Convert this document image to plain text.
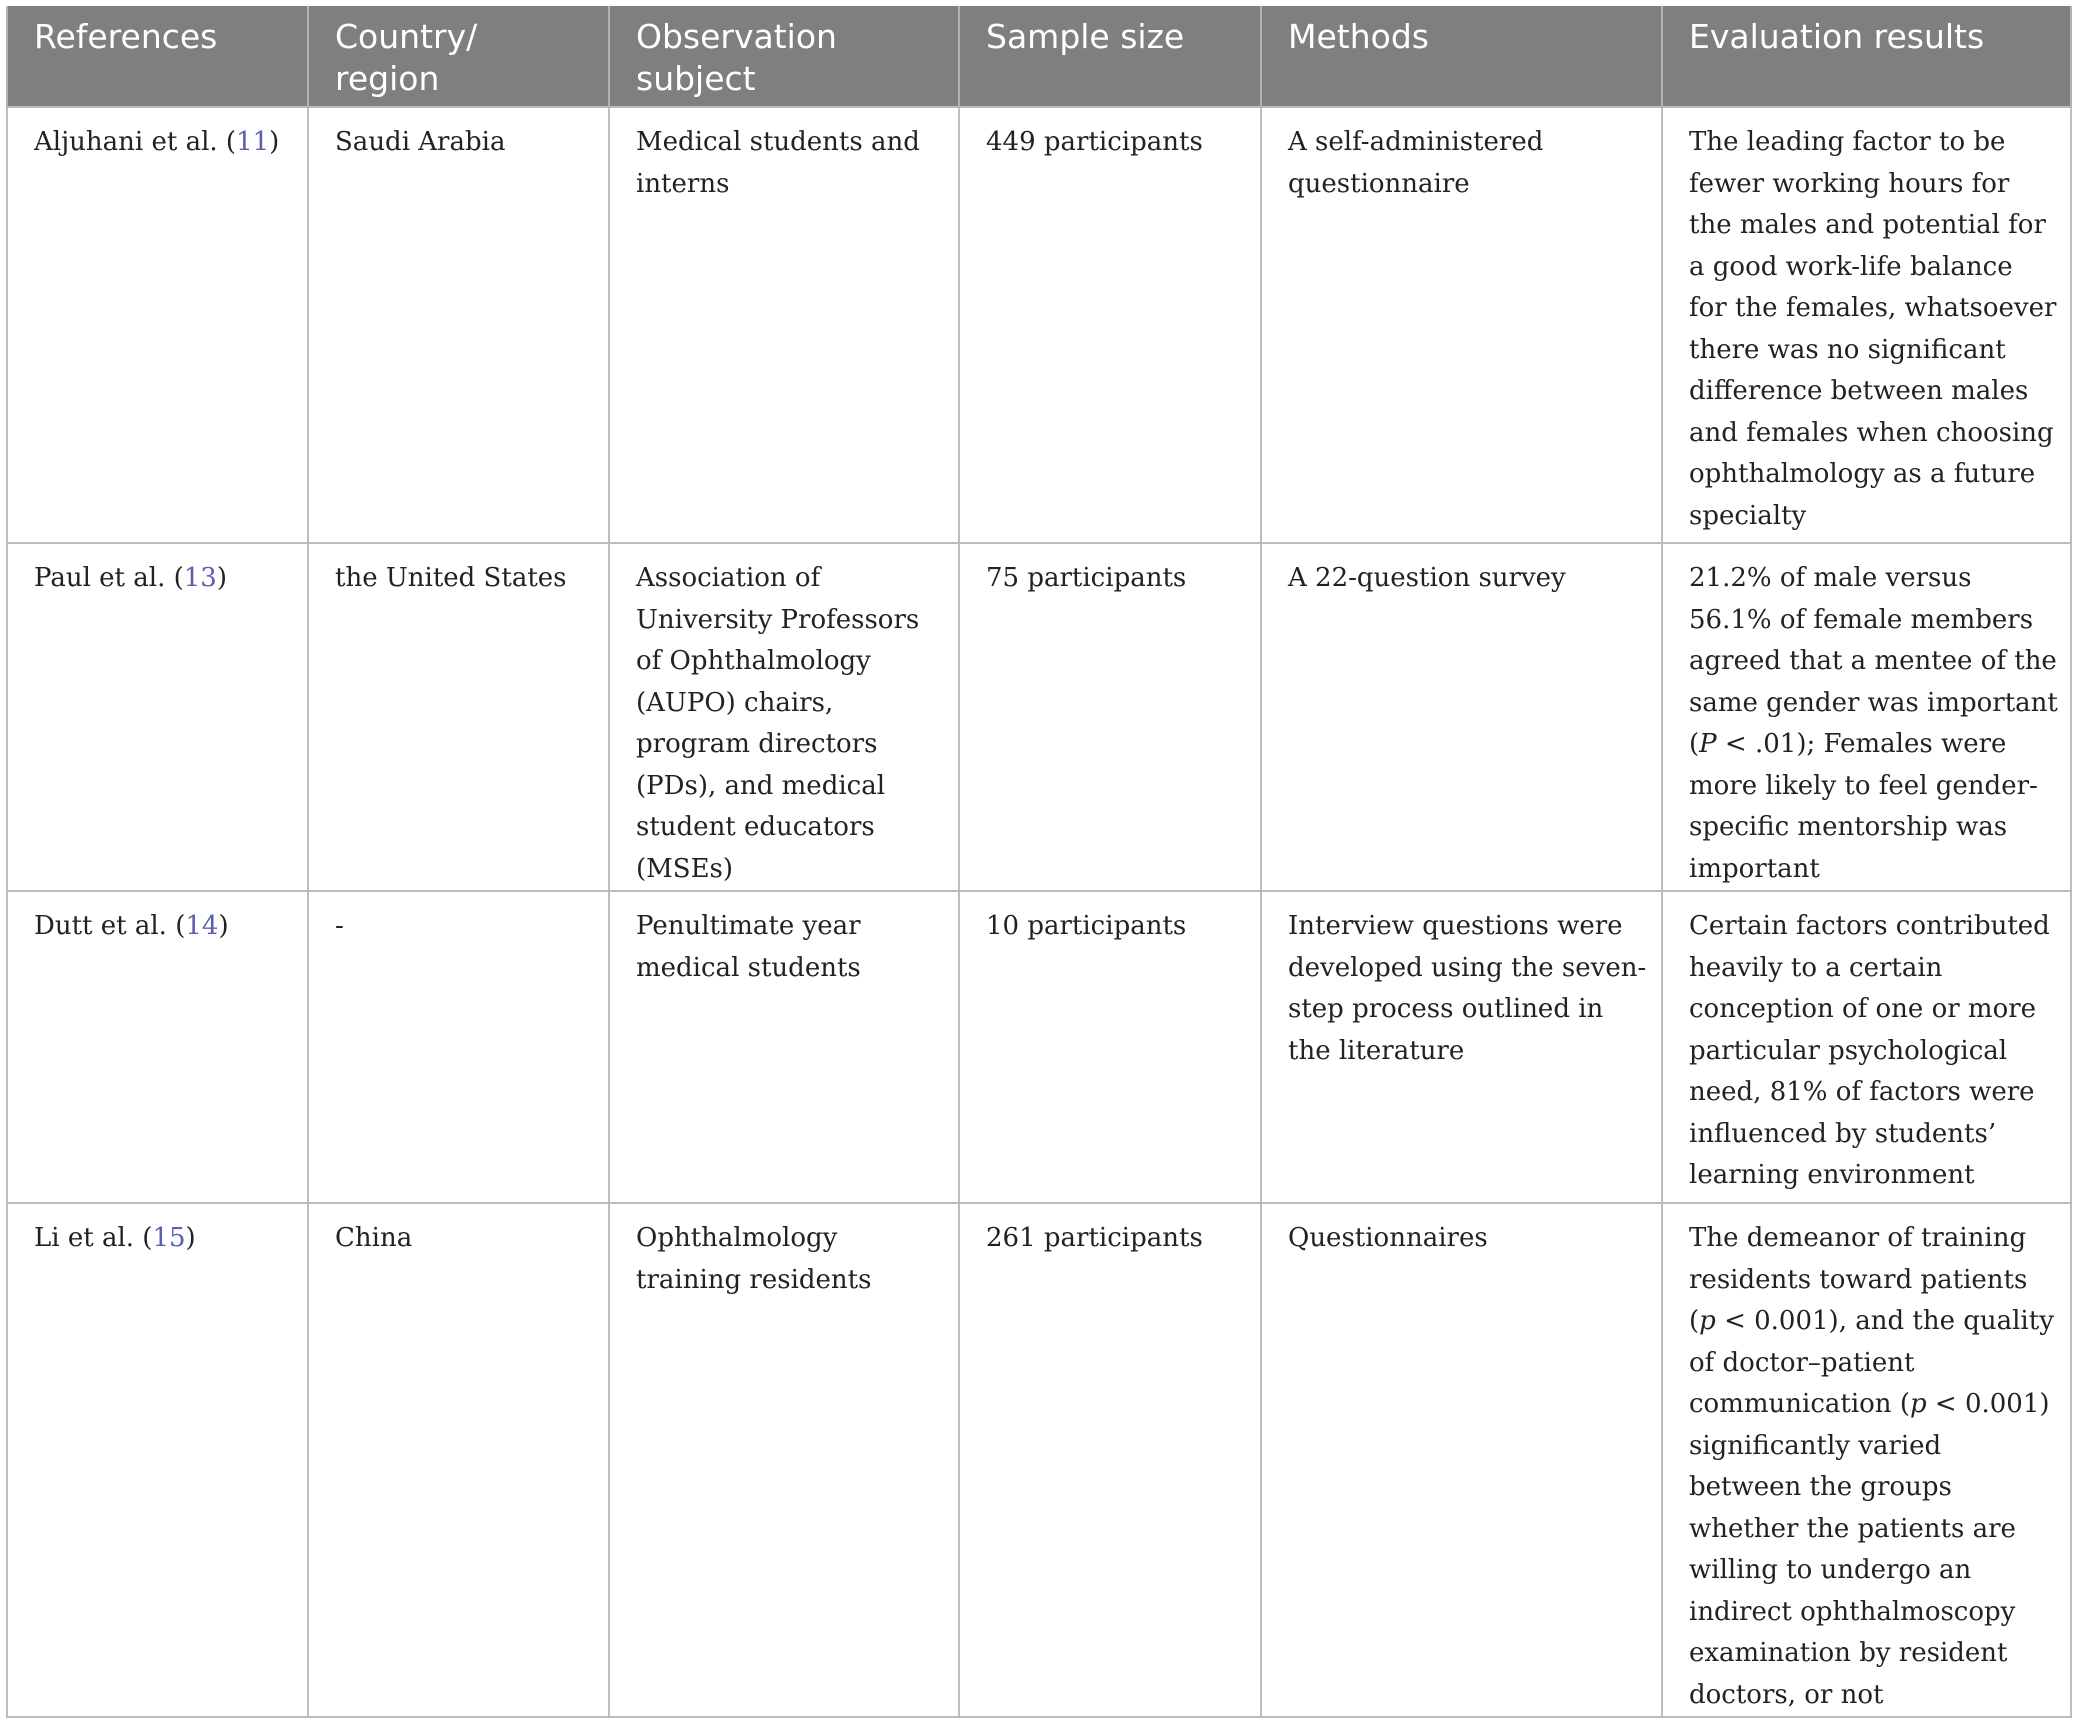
References	Country/ region	Observation subject	Sample size	Methods	Evaluation results
Aljuhani et al. (11)	Saudi Arabia	Medical students and interns	449 participants	A self-administered questionnaire	The leading factor to be fewer working hours for the males and potential for a good work-life balance for the females, whatsoever there was no significant difference between males and females when choosing ophthalmology as a future specialty
Paul et al. (13)	the United States	Association of University Professors of Ophthalmology (AUPO) chairs, program directors (PDs), and medical student educators (MSEs)	75 participants	A 22-question survey	21.2% of male versus 56.1% of female members agreed that a mentee of the same gender was important (P < .01); Females were more likely to feel gender-specific mentorship was important
Dutt et al. (14)	-	Penultimate year medical students	10 participants	Interview questions were developed using the seven-step process outlined in the literature	Certain factors contributed heavily to a certain conception of one or more particular psychological need, 81% of factors were influenced by students’ learning environment
Li et al. (15)	China	Ophthalmology training residents	261 participants	Questionnaires	The demeanor of training residents toward patients (p < 0.001), and the quality of doctor–patient communication (p < 0.001) significantly varied between the groups whether the patients are willing to undergo an indirect ophthalmoscopy examination by resident doctors, or not
